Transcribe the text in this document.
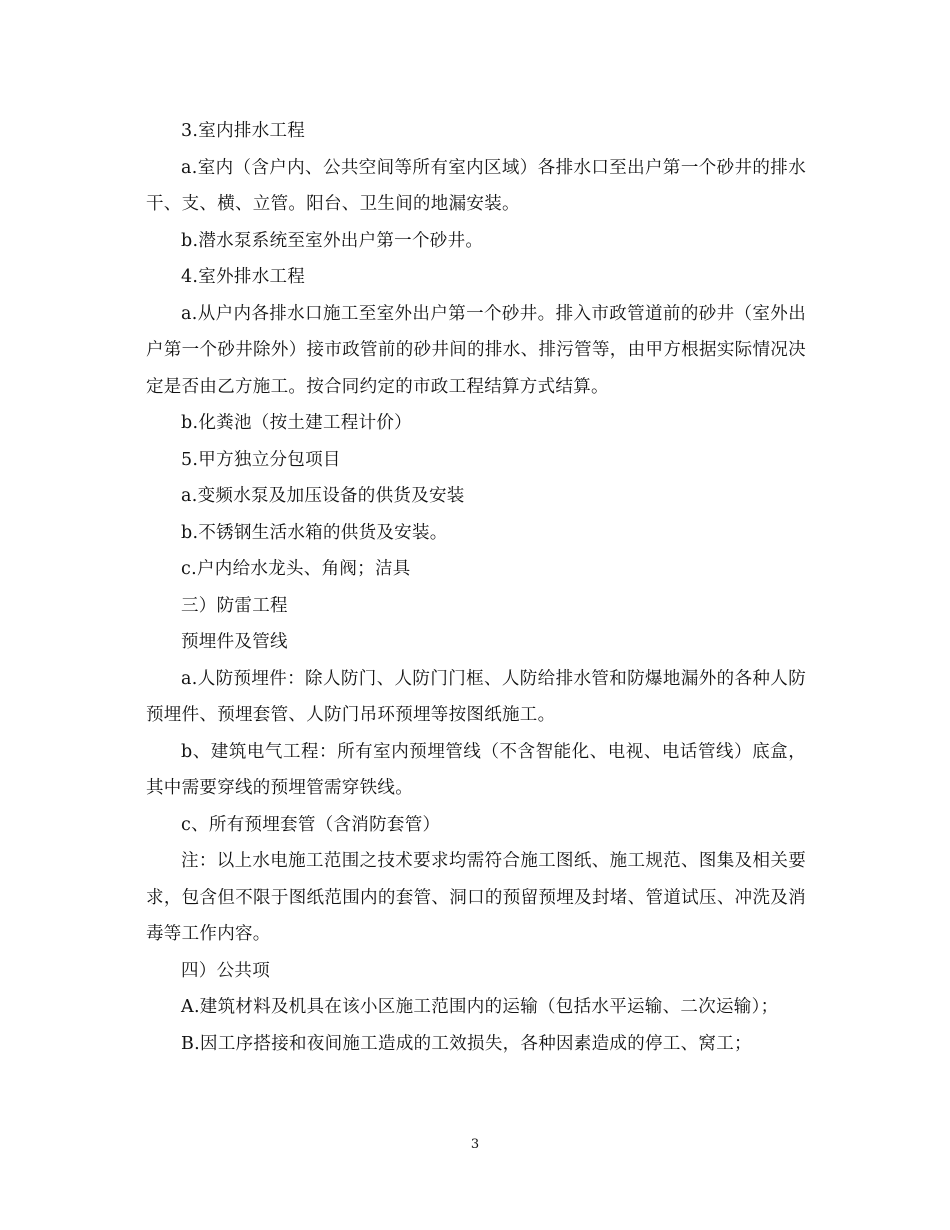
3.室内排水工程

a.室内（含户内、公共空间等所有室内区域）各排水口至出户第一个砂井的排水干、支、横、立管。阳台、卫生间的地漏安装。

b.潜水泵系统至室外出户第一个砂井。

4.室外排水工程

a.从户内各排水口施工至室外出户第一个砂井。排入市政管道前的砂井（室外出户第一个砂井除外）接市政管前的砂井间的排水、排污管等，由甲方根据实际情况决定是否由乙方施工。按合同约定的市政工程结算方式结算。

b.化粪池（按土建工程计价）

5.甲方独立分包项目

a.变频水泵及加压设备的供货及安装

b.不锈钢生活水箱的供货及安装。

c.户内给水龙头、角阀；洁具

三）防雷工程

预埋件及管线

a.人防预埋件：除人防门、人防门门框、人防给排水管和防爆地漏外的各种人防预埋件、预埋套管、人防门吊环预埋等按图纸施工。

b、建筑电气工程：所有室内预埋管线（不含智能化、电视、电话管线）底盒，其中需要穿线的预埋管需穿铁线。

c、所有预埋套管（含消防套管）

注：以上水电施工范围之技术要求均需符合施工图纸、施工规范、图集及相关要求，包含但不限于图纸范围内的套管、洞口的预留预埋及封堵、管道试压、冲洗及消毒等工作内容。

四）公共项

A.建筑材料及机具在该小区施工范围内的运输（包括水平运输、二次运输）；

B.因工序搭接和夜间施工造成的工效损失，各种因素造成的停工、窝工；

3
